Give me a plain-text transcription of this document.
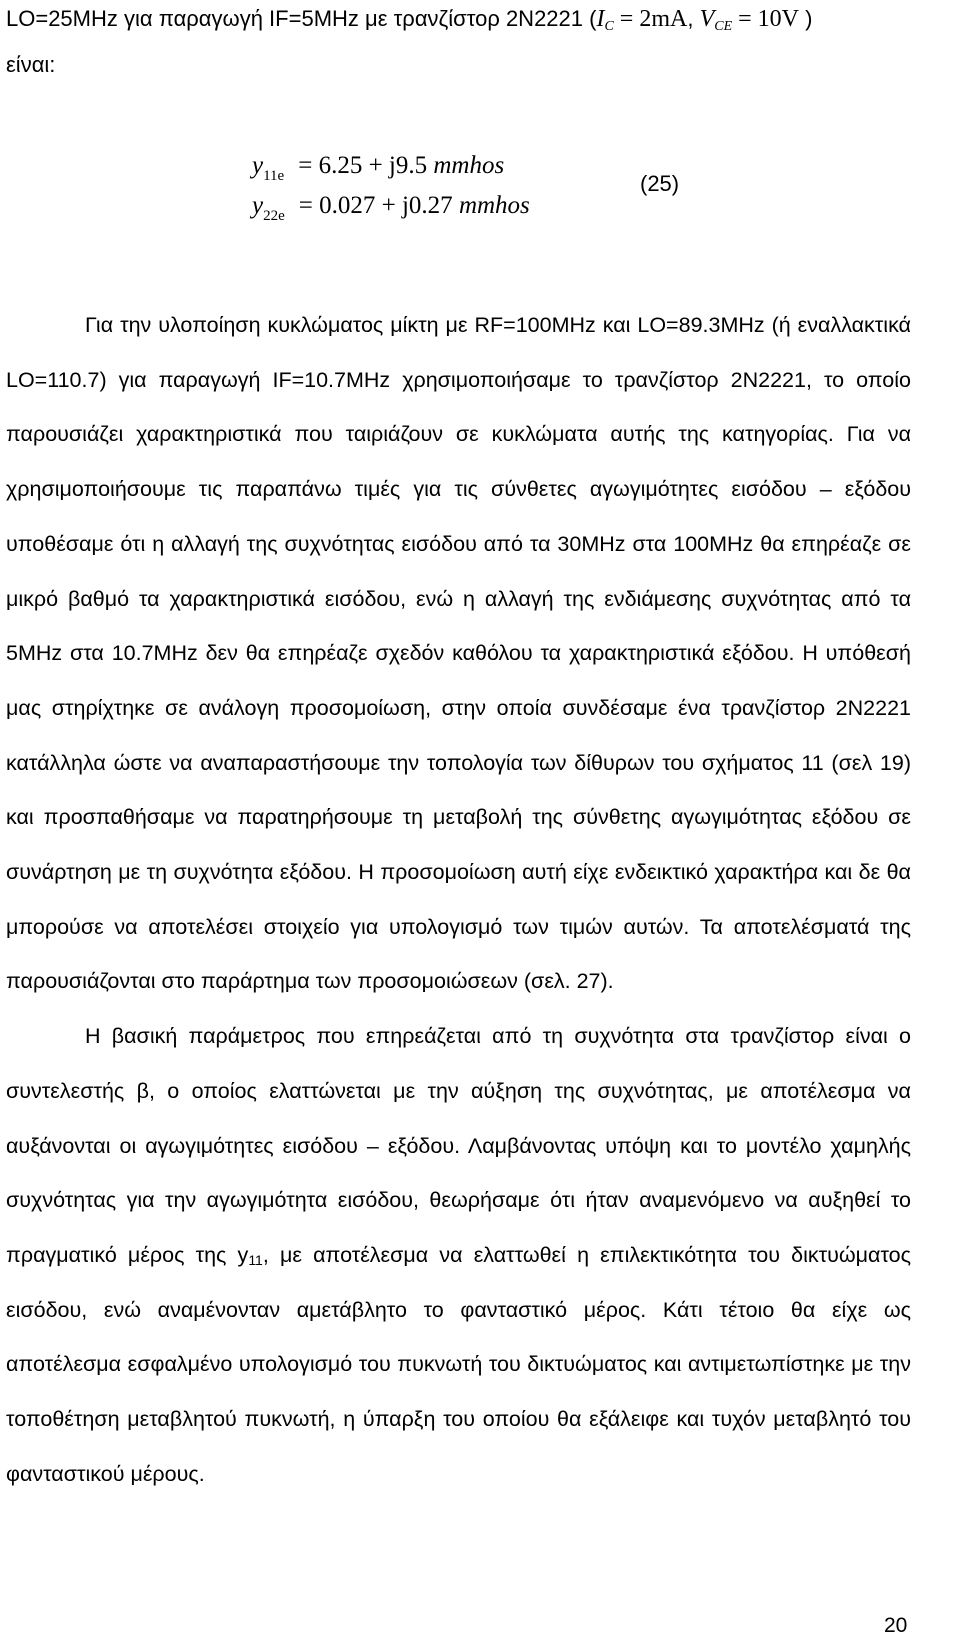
LO=25MHz για παραγωγή IF=5MHz με τρανζίστορ 2N2221 ($I_C = 2mA$, $V_{CE} = 10V$ )
είναι:
$y_{11e} = 6.25 + j9.5$ mmhos
$y_{22e} = 0.027 + j0.27$ mmhos
(25)

Για την υλοποίηση κυκλώματος μίκτη με RF=100MHz και LO=89.3MHz (ή εναλλακτικά LO=110.7) για παραγωγή IF=10.7MHz χρησιμοποιήσαμε το τρανζίστορ 2N2221, το οποίο παρουσιάζει χαρακτηριστικά που ταιριάζουν σε κυκλώματα αυτής της κατηγορίας. Για να χρησιμοποιήσουμε τις παραπάνω τιμές για τις σύνθετες αγωγιμότητες εισόδου – εξόδου υποθέσαμε ότι η αλλαγή της συχνότητας εισόδου από τα 30MHz στα 100MHz θα επηρέαζε σε μικρό βαθμό τα χαρακτηριστικά εισόδου, ενώ η αλλαγή της ενδιάμεσης συχνότητας από τα 5MHz στα 10.7MHz δεν θα επηρέαζε σχεδόν καθόλου τα χαρακτηριστικά εξόδου. Η υπόθεσή μας στηρίχτηκε σε ανάλογη προσομοίωση, στην οποία συνδέσαμε ένα τρανζίστορ 2N2221 κατάλληλα ώστε να αναπαραστήσουμε την τοπολογία των δίθυρων του σχήματος 11 (σελ 19) και προσπαθήσαμε να παρατηρήσουμε τη μεταβολή της σύνθετης αγωγιμότητας εξόδου σε συνάρτηση με τη συχνότητα εξόδου. Η προσομοίωση αυτή είχε ενδεικτικό χαρακτήρα και δε θα μπορούσε να αποτελέσει στοιχείο για υπολογισμό των τιμών αυτών. Τα αποτελέσματά της παρουσιάζονται στο παράρτημα των προσομοιώσεων (σελ. 27).

Η βασική παράμετρος που επηρεάζεται από τη συχνότητα στα τρανζίστορ είναι ο συντελεστής β, ο οποίος ελαττώνεται με την αύξηση της συχνότητας, με αποτέλεσμα να αυξάνονται οι αγωγιμότητες εισόδου – εξόδου. Λαμβάνοντας υπόψη και το μοντέλο χαμηλής συχνότητας για την αγωγιμότητα εισόδου, θεωρήσαμε ότι ήταν αναμενόμενο να αυξηθεί το πραγματικό μέρος της $y_{11}$, με αποτέλεσμα να ελαττωθεί η επιλεκτικότητα του δικτυώματος εισόδου, ενώ αναμένονταν αμετάβλητο το φανταστικό μέρος. Κάτι τέτοιο θα είχε ως αποτέλεσμα εσφαλμένο υπολογισμό του πυκνωτή του δικτυώματος και αντιμετωπίστηκε με την τοποθέτηση μεταβλητού πυκνωτή, η ύπαρξη του οποίου θα εξάλειφε και τυχόν μεταβλητό του φανταστικού μέρους.

20
